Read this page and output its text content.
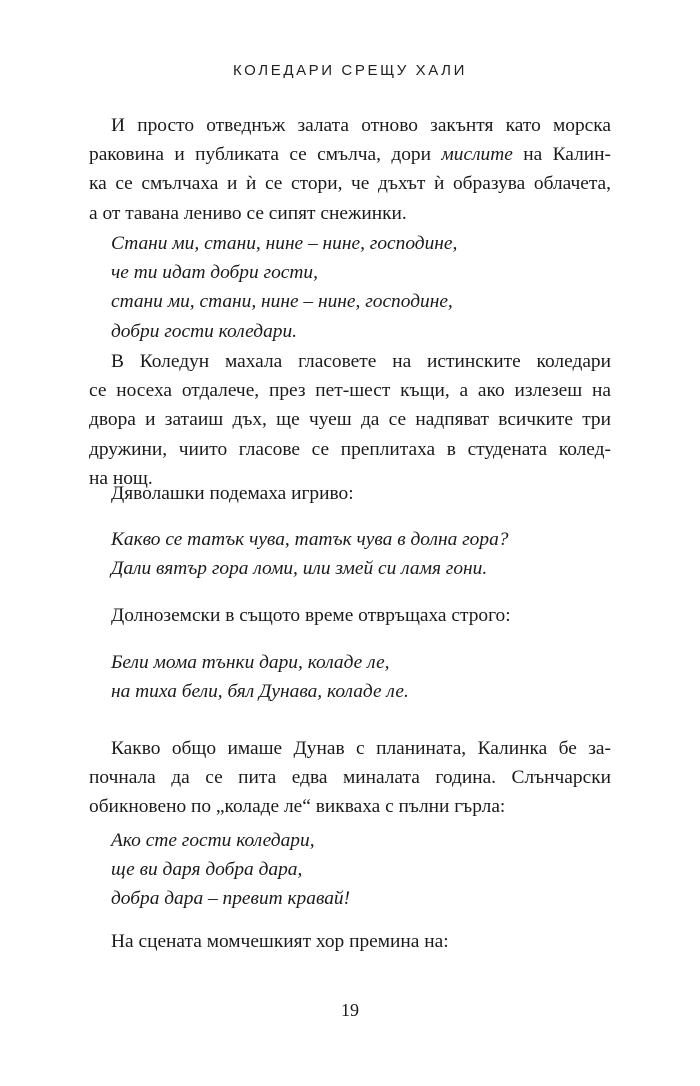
КОЛЕДАРИ СРЕЩУ ХАЛИ
И просто отведнъж залата отново закънтя като морска
раковина и публиката се смълча, дори мислите на Калин-
ка се смълчаха и ѝ се стори, че дъхът ѝ образува облачета,
а от тавана лениво се сипят снежинки.
Стани ми, стани, нине – нине, господине,
че ти идат добри гости,
стани ми, стани, нине – нине, господине,
добри гости коледари.
В Коледун махала гласовете на истинските коледари
се носеха отдалече, през пет-шест къщи, а ако излезеш на
двора и затаиш дъх, ще чуеш да се надпяват всичките три
дружини, чиито гласове се преплитаха в студената колед-
на нощ.
Дяволашки подемаха игриво:
Какво се татък чува, татък чува в долна гора?
Дали вятър гора ломи, или змей си ламя гони.
Долноземски в същото време отвръщаха строго:
Бели мома тънки дари, коладе ле,
на тиха бели, бял Дунава, коладе ле.
Какво общо имаше Дунав с планината, Калинка бе за-
почнала да се пита едва миналата година. Слънчарски
обикновено по „коладе ле“ викваха с пълни гърла:
Ако сте гости коледари,
ще ви даря добра дара,
добра дара – превит кравай!
На сцената момчешкият хор премина на:
19
